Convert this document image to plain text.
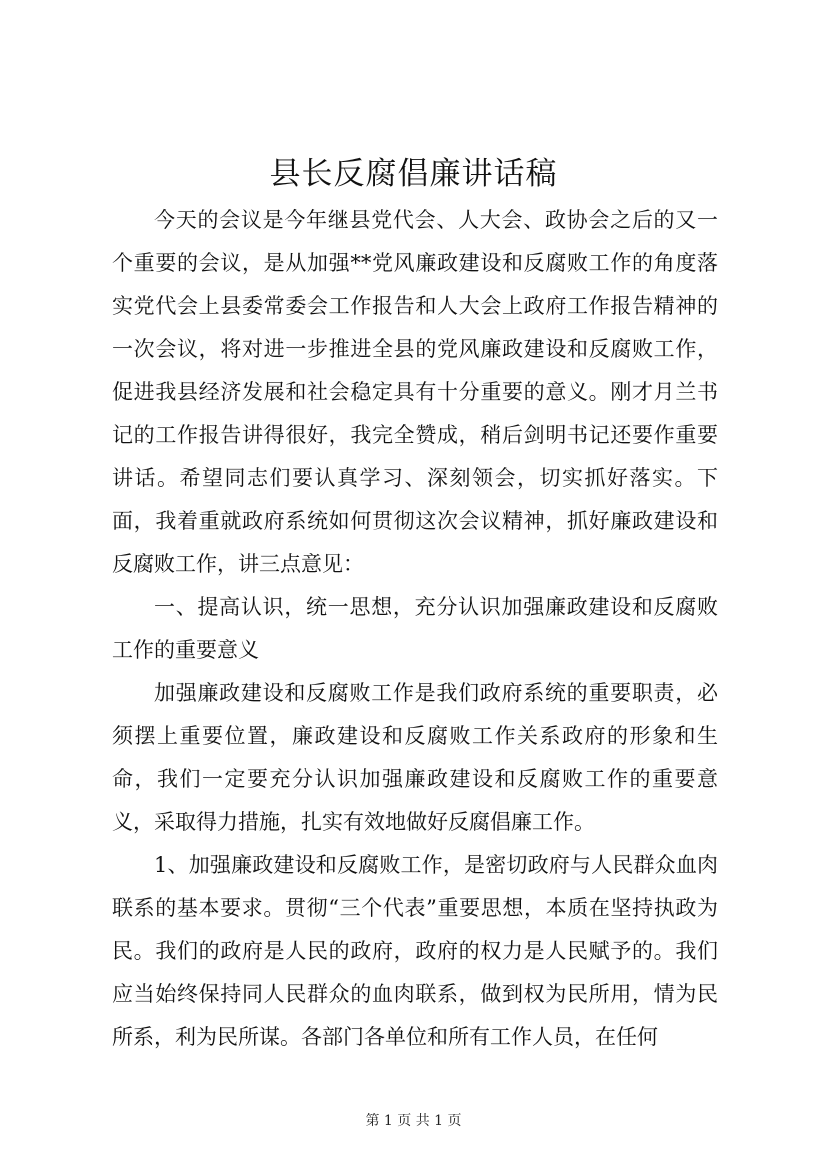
县长反腐倡廉讲话稿

今天的会议是今年继县党代会、人大会、政协会之后的又一个重要的会议，是从加强**党风廉政建设和反腐败工作的角度落实党代会上县委常委会工作报告和人大会上政府工作报告精神的一次会议，将对进一步推进全县的党风廉政建设和反腐败工作，促进我县经济发展和社会稳定具有十分重要的意义。刚才月兰书记的工作报告讲得很好，我完全赞成，稍后剑明书记还要作重要讲话。希望同志们要认真学习、深刻领会，切实抓好落实。下面，我着重就政府系统如何贯彻这次会议精神，抓好廉政建设和反腐败工作，讲三点意见：

一、提高认识，统一思想，充分认识加强廉政建设和反腐败工作的重要意义

加强廉政建设和反腐败工作是我们政府系统的重要职责，必须摆上重要位置，廉政建设和反腐败工作关系政府的形象和生命，我们一定要充分认识加强廉政建设和反腐败工作的重要意义，采取得力措施，扎实有效地做好反腐倡廉工作。

1、加强廉政建设和反腐败工作，是密切政府与人民群众血肉联系的基本要求。贯彻“三个代表”重要思想，本质在坚持执政为民。我们的政府是人民的政府，政府的权力是人民赋予的。我们应当始终保持同人民群众的血肉联系，做到权为民所用，情为民所系，利为民所谋。各部门各单位和所有工作人员，在任何

第 1 页 共 1 页
